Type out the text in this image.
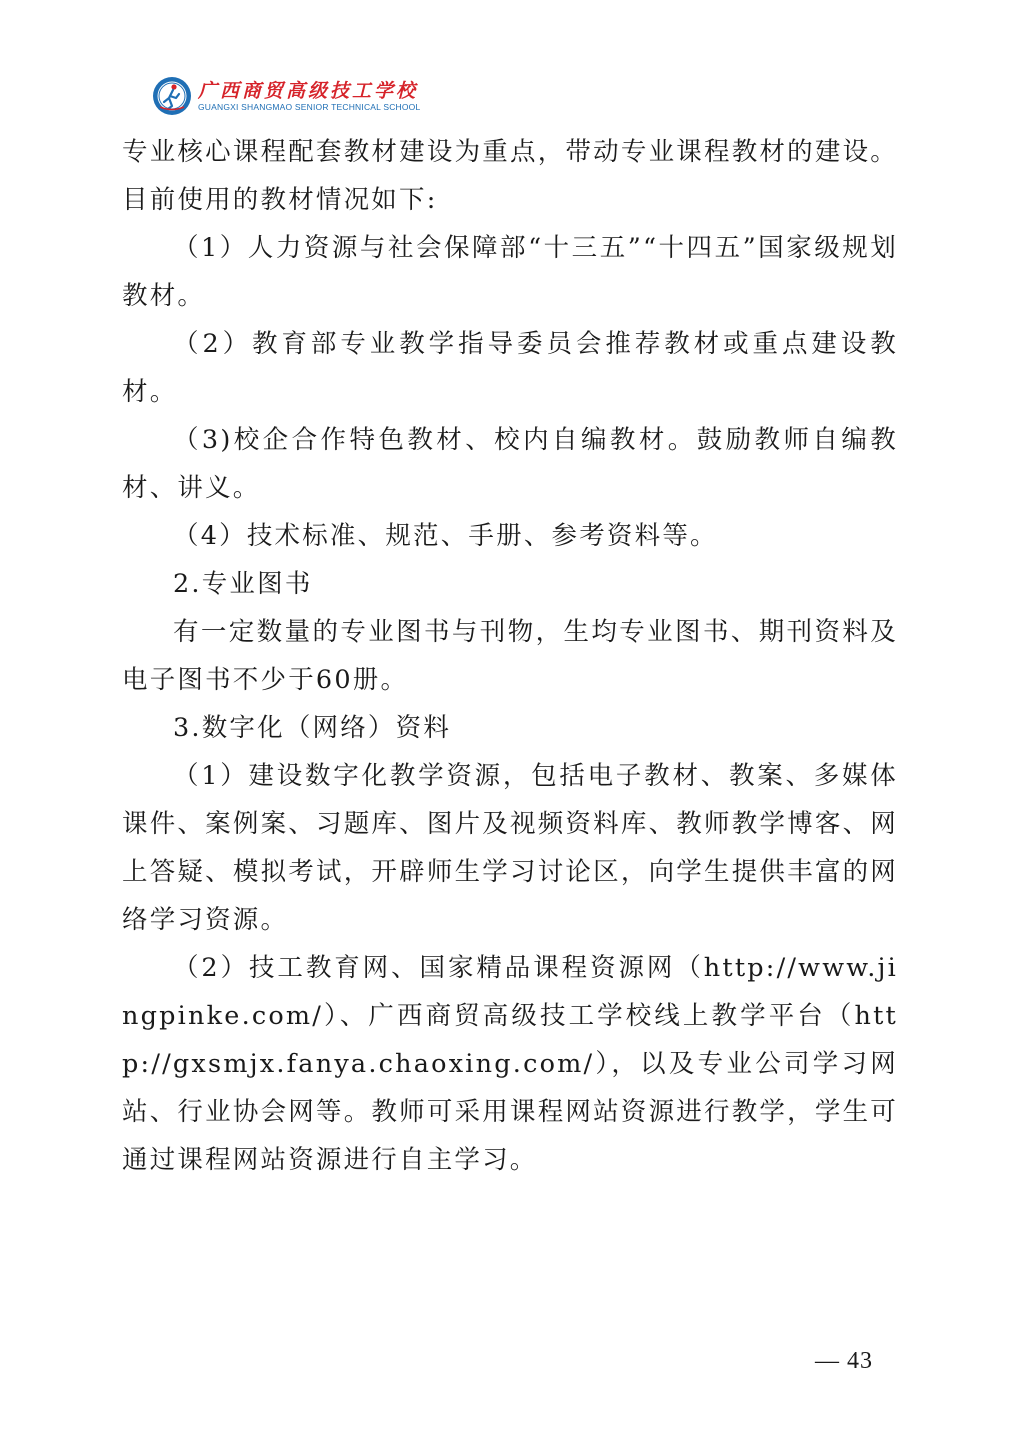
广西商贸高级技工学校
GUANGXI SHANGMAO SENIOR TECHNICAL SCHOOL

专业核心课程配套教材建设为重点，带动专业课程教材的建设。目前使用的教材情况如下:

（1）人力资源与社会保障部“十三五”“十四五”国家级规划教材。

（2）教育部专业教学指导委员会推荐教材或重点建设教材。

（3)校企合作特色教材、校内自编教材。鼓励教师自编教材、讲义。

（4）技术标准、规范、手册、参考资料等。

2.专业图书

有一定数量的专业图书与刊物，生均专业图书、期刊资料及电子图书不少于60册。

3.数字化（网络）资料

（1）建设数字化教学资源，包括电子教材、教案、多媒体课件、案例案、习题库、图片及视频资料库、教师教学博客、网上答疑、模拟考试，开辟师生学习讨论区，向学生提供丰富的网络学习资源。

（2）技工教育网、国家精品课程资源网（http://www.jingpinke.com/）、广西商贸高级技工学校线上教学平台（http://gxsmjx.fanya.chaoxing.com/），以及专业公司学习网站、行业协会网等。教师可采用课程网站资源进行教学，学生可通过课程网站资源进行自主学习。

— 43
